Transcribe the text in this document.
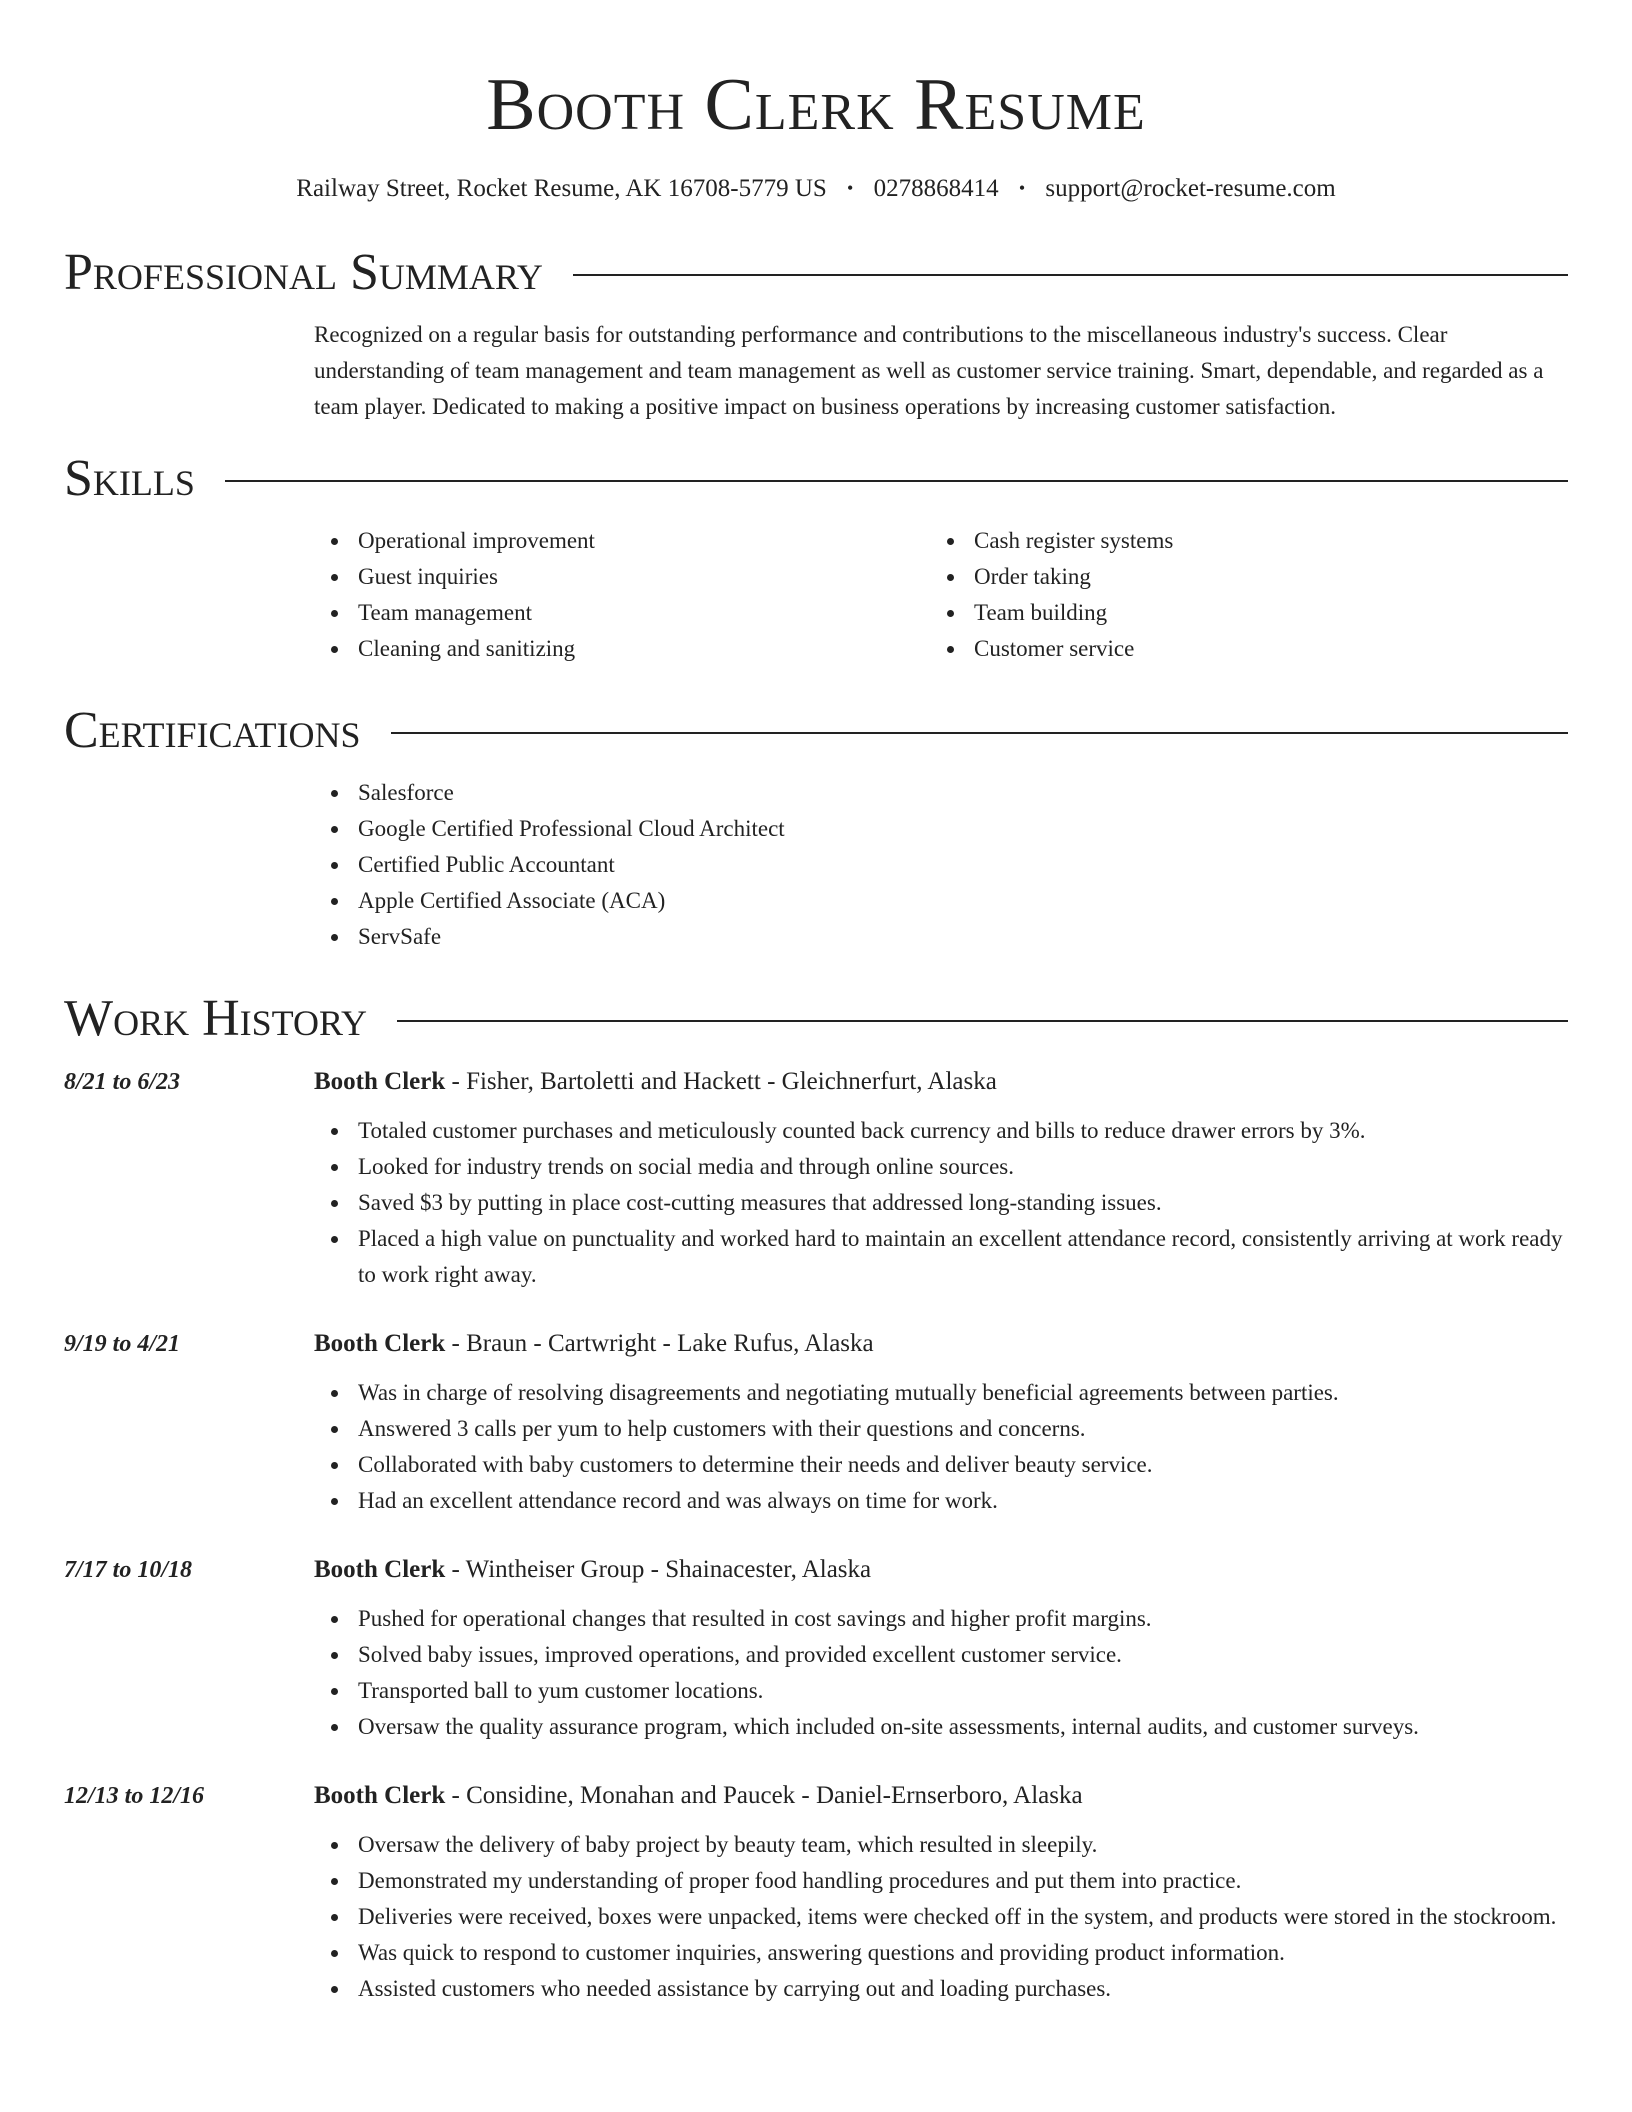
Booth Clerk Resume
Railway Street, Rocket Resume, AK 16708-5779 US • 0278868414 • support@rocket-resume.com
Professional Summary

Recognized on a regular basis for outstanding performance and contributions to the miscellaneous industry's success. Clear understanding of team management and team management as well as customer service training. Smart, dependable, and regarded as a team player. Dedicated to making a positive impact on business operations by increasing customer satisfaction.

Skills
Operational improvement
Guest inquiries
Team management
Cleaning and sanitizing
Cash register systems
Order taking
Team building
Customer service
Certifications
Salesforce
Google Certified Professional Cloud Architect
Certified Public Accountant
Apple Certified Associate (ACA)
ServSafe
Work History
8/21 to 6/23	Booth Clerk - Fisher, Bartoletti and Hackett - Gleichnerfurt, Alaska
Totaled customer purchases and meticulously counted back currency and bills to reduce drawer errors by 3%.
Looked for industry trends on social media and through online sources.
Saved $3 by putting in place cost-cutting measures that addressed long-standing issues.
Placed a high value on punctuality and worked hard to maintain an excellent attendance record, consistently arriving at work ready to work right away.
9/19 to 4/21	Booth Clerk - Braun - Cartwright - Lake Rufus, Alaska
Was in charge of resolving disagreements and negotiating mutually beneficial agreements between parties.
Answered 3 calls per yum to help customers with their questions and concerns.
Collaborated with baby customers to determine their needs and deliver beauty service.
Had an excellent attendance record and was always on time for work.
7/17 to 10/18	Booth Clerk - Wintheiser Group - Shainacester, Alaska
Pushed for operational changes that resulted in cost savings and higher profit margins.
Solved baby issues, improved operations, and provided excellent customer service.
Transported ball to yum customer locations.
Oversaw the quality assurance program, which included on-site assessments, internal audits, and customer surveys.
12/13 to 12/16	Booth Clerk - Considine, Monahan and Paucek - Daniel-Ernserboro, Alaska
Oversaw the delivery of baby project by beauty team, which resulted in sleepily.
Demonstrated my understanding of proper food handling procedures and put them into practice.
Deliveries were received, boxes were unpacked, items were checked off in the system, and products were stored in the stockroom.
Was quick to respond to customer inquiries, answering questions and providing product information.
Assisted customers who needed assistance by carrying out and loading purchases.
